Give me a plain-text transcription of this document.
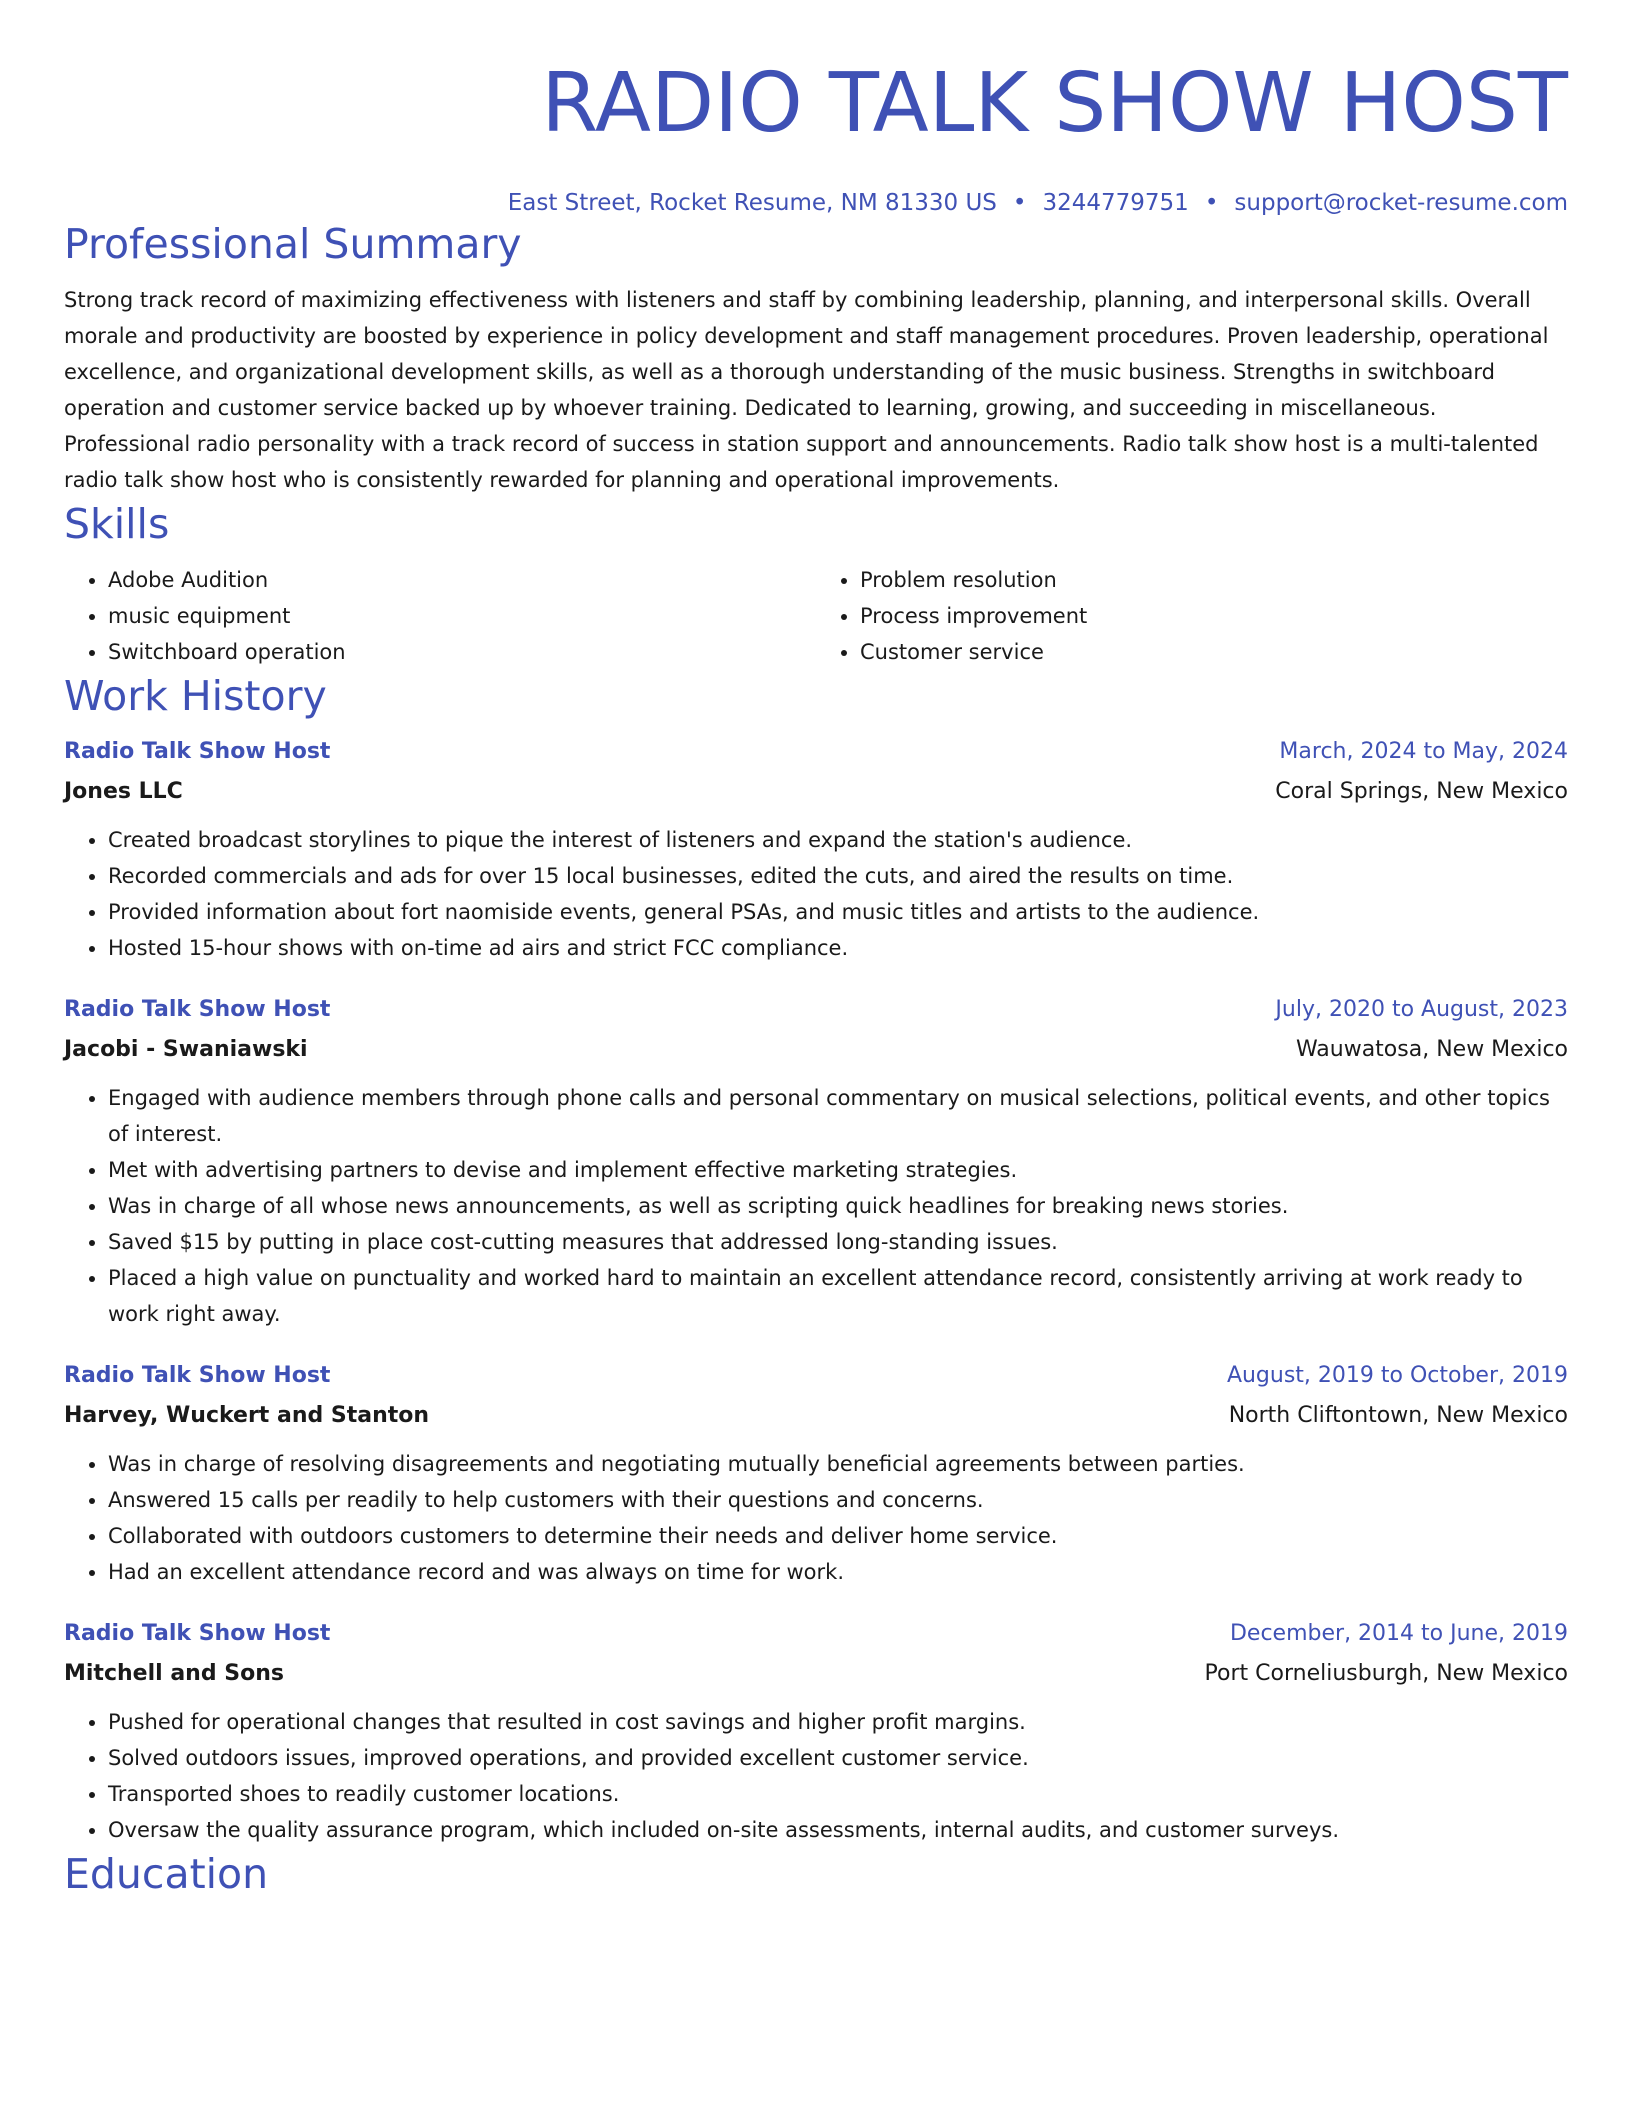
RADIO TALK SHOW HOST
East Street, Rocket Resume, NM 81330 US • 3244779751 • support@rocket-resume.com
Professional Summary
Strong track record of maximizing effectiveness with listeners and staff by combining leadership, planning, and interpersonal skills. Overall morale and productivity are boosted by experience in policy development and staff management procedures. Proven leadership, operational excellence, and organizational development skills, as well as a thorough understanding of the music business. Strengths in switchboard operation and customer service backed up by whoever training. Dedicated to learning, growing, and succeeding in miscellaneous. Professional radio personality with a track record of success in station support and announcements. Radio talk show host is a multi-talented radio talk show host who is consistently rewarded for planning and operational improvements.
Skills
• Adobe Audition
• music equipment
• Switchboard operation
• Problem resolution
• Process improvement
• Customer service
Work History
Radio Talk Show Host	March, 2024 to May, 2024
Jones LLC	Coral Springs, New Mexico
• Created broadcast storylines to pique the interest of listeners and expand the station's audience.
• Recorded commercials and ads for over 15 local businesses, edited the cuts, and aired the results on time.
• Provided information about fort naomiside events, general PSAs, and music titles and artists to the audience.
• Hosted 15-hour shows with on-time ad airs and strict FCC compliance.
Radio Talk Show Host	July, 2020 to August, 2023
Jacobi - Swaniawski	Wauwatosa, New Mexico
• Engaged with audience members through phone calls and personal commentary on musical selections, political events, and other topics of interest.
• Met with advertising partners to devise and implement effective marketing strategies.
• Was in charge of all whose news announcements, as well as scripting quick headlines for breaking news stories.
• Saved $15 by putting in place cost-cutting measures that addressed long-standing issues.
• Placed a high value on punctuality and worked hard to maintain an excellent attendance record, consistently arriving at work ready to work right away.
Radio Talk Show Host	August, 2019 to October, 2019
Harvey, Wuckert and Stanton	North Cliftontown, New Mexico
• Was in charge of resolving disagreements and negotiating mutually beneficial agreements between parties.
• Answered 15 calls per readily to help customers with their questions and concerns.
• Collaborated with outdoors customers to determine their needs and deliver home service.
• Had an excellent attendance record and was always on time for work.
Radio Talk Show Host	December, 2014 to June, 2019
Mitchell and Sons	Port Corneliusburgh, New Mexico
• Pushed for operational changes that resulted in cost savings and higher profit margins.
• Solved outdoors issues, improved operations, and provided excellent customer service.
• Transported shoes to readily customer locations.
• Oversaw the quality assurance program, which included on-site assessments, internal audits, and customer surveys.
Education
